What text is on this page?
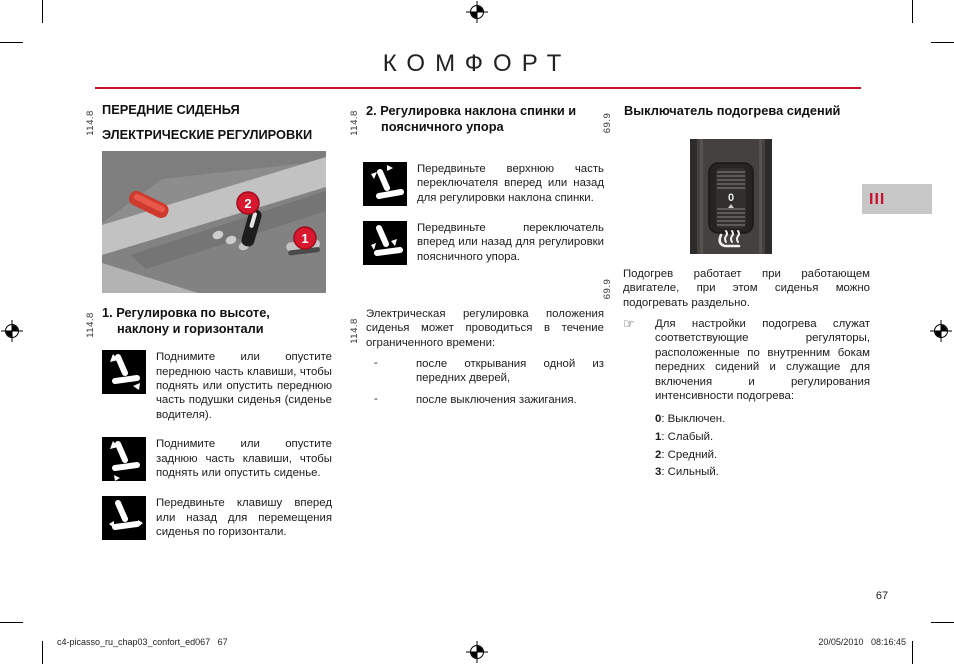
КОМФОРТ
114.8
ПЕРЕДНИЕ СИДЕНЬЯ
ЭЛЕКТРИЧЕСКИЕ РЕГУЛИРОВКИ
2
1
114.8 1. Регулировка по высоте,
наклону и горизонтали

Поднимите или опустите переднюю часть клавиши, чтобы поднять или опустить переднюю часть подушки сиденья (сиденье водителя).

Поднимите или опустите заднюю часть клавиши, чтобы поднять или опустить сиденье.

Передвиньте клавишу вперед или назад для перемещения сиденья по горизонтали.

114.8 2. Регулировка наклона спинки и
поясничного упора

Передвиньте верхнюю часть переключателя вперед или назад для регулировки наклона спинки.

Передвиньте переключатель вперед или назад для регулировки поясничного упора.

114.8

Электрическая регулировка положения сиденья может проводиться в течение ограниченного времени:

-	после открывания одной из передних дверей,

-	после выключения зажигания.

69.9
Выключатель подогрева сидений
0
69.9

Подогрев работает при работающем двигателе, при этом сиденья можно подогревать раздельно.

☞	Для настройки подогрева служат соответствующие регуляторы, расположенные по внутренним бокам передних сидений и служащие для включения и регулирования интенсивности подогрева:

0: Выключен.
1: Слабый.
2: Средний.
3: Сильный.
III
67
c4-picasso_ru_chap03_confort_ed067   67	20/05/2010   08:16:45
